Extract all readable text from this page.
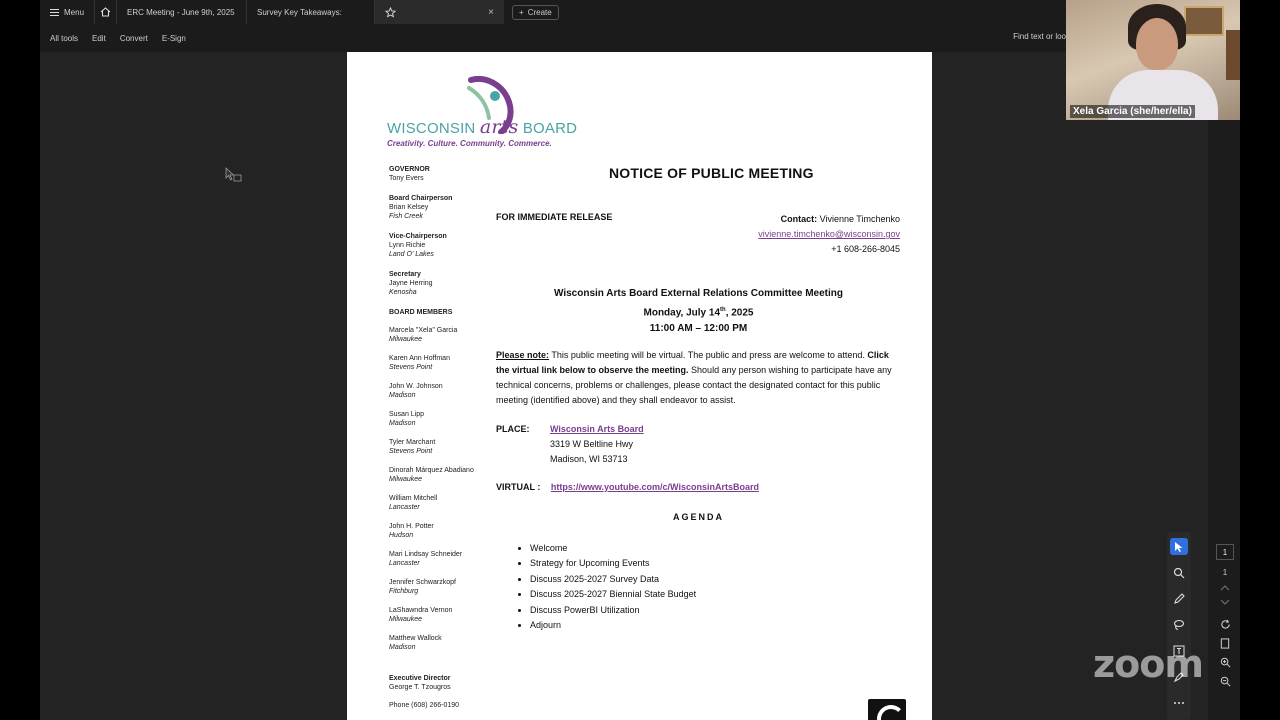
Menu	ERC Meeting - June 9th, 2025	Survey Key Takeaways:	×	+ Create
All tools	Edit	Convert	E-Sign	Find text or loo
WISCONSIN arts BOARD
Creativity. Culture. Community. Commerce.
GOVERNOR
Tony Evers
Board Chairperson
Brian Kelsey
Fish Creek
Vice-Chairperson
Lynn Richie
Land O' Lakes
Secretary
Jayne Herring
Kenosha
BOARD MEMBERS
Marcela "Xela" Garcia
Milwaukee
Karen Ann Hoffman
Stevens Point
John W. Johnson
Madison
Susan Lipp
Madison
Tyler Marchant
Stevens Point
Dinorah Márquez Abadiano
Milwaukee
William Mitchell
Lancaster
John H. Potter
Hudson
Mari Lindsay Schneider
Lancaster
Jennifer Schwarzkopf
Fitchburg
LaShawndra Vernon
Milwaukee
Matthew Wallock
Madison
Executive Director
George T. Tzougros
Phone (608) 266-0190
NOTICE OF PUBLIC MEETING
FOR IMMEDIATE RELEASE	Contact: Vivienne Timchenko
vivienne.timchenko@wisconsin.gov
+1 608-266-8045
Wisconsin Arts Board External Relations Committee Meeting
Monday, July 14th, 2025
11:00 AM – 12:00 PM
Please note: This public meeting will be virtual. The public and press are welcome to attend. Click the virtual link below to observe the meeting. Should any person wishing to participate have any technical concerns, problems or challenges, please contact the designated contact for this public meeting (identified above) and they shall endeavor to assist.
PLACE: Wisconsin Arts Board
3319 W Beltline Hwy
Madison, WI 53713
VIRTUAL : https://www.youtube.com/c/WisconsinArtsBoard
AGENDA
• Welcome
• Strategy for Upcoming Events
• Discuss 2025-2027 Survey Data
• Discuss 2025-2027 Biennial State Budget
• Discuss PowerBI Utilization
• Adjourn
Xela Garcia (she/her/ella)
1
1
zoom
